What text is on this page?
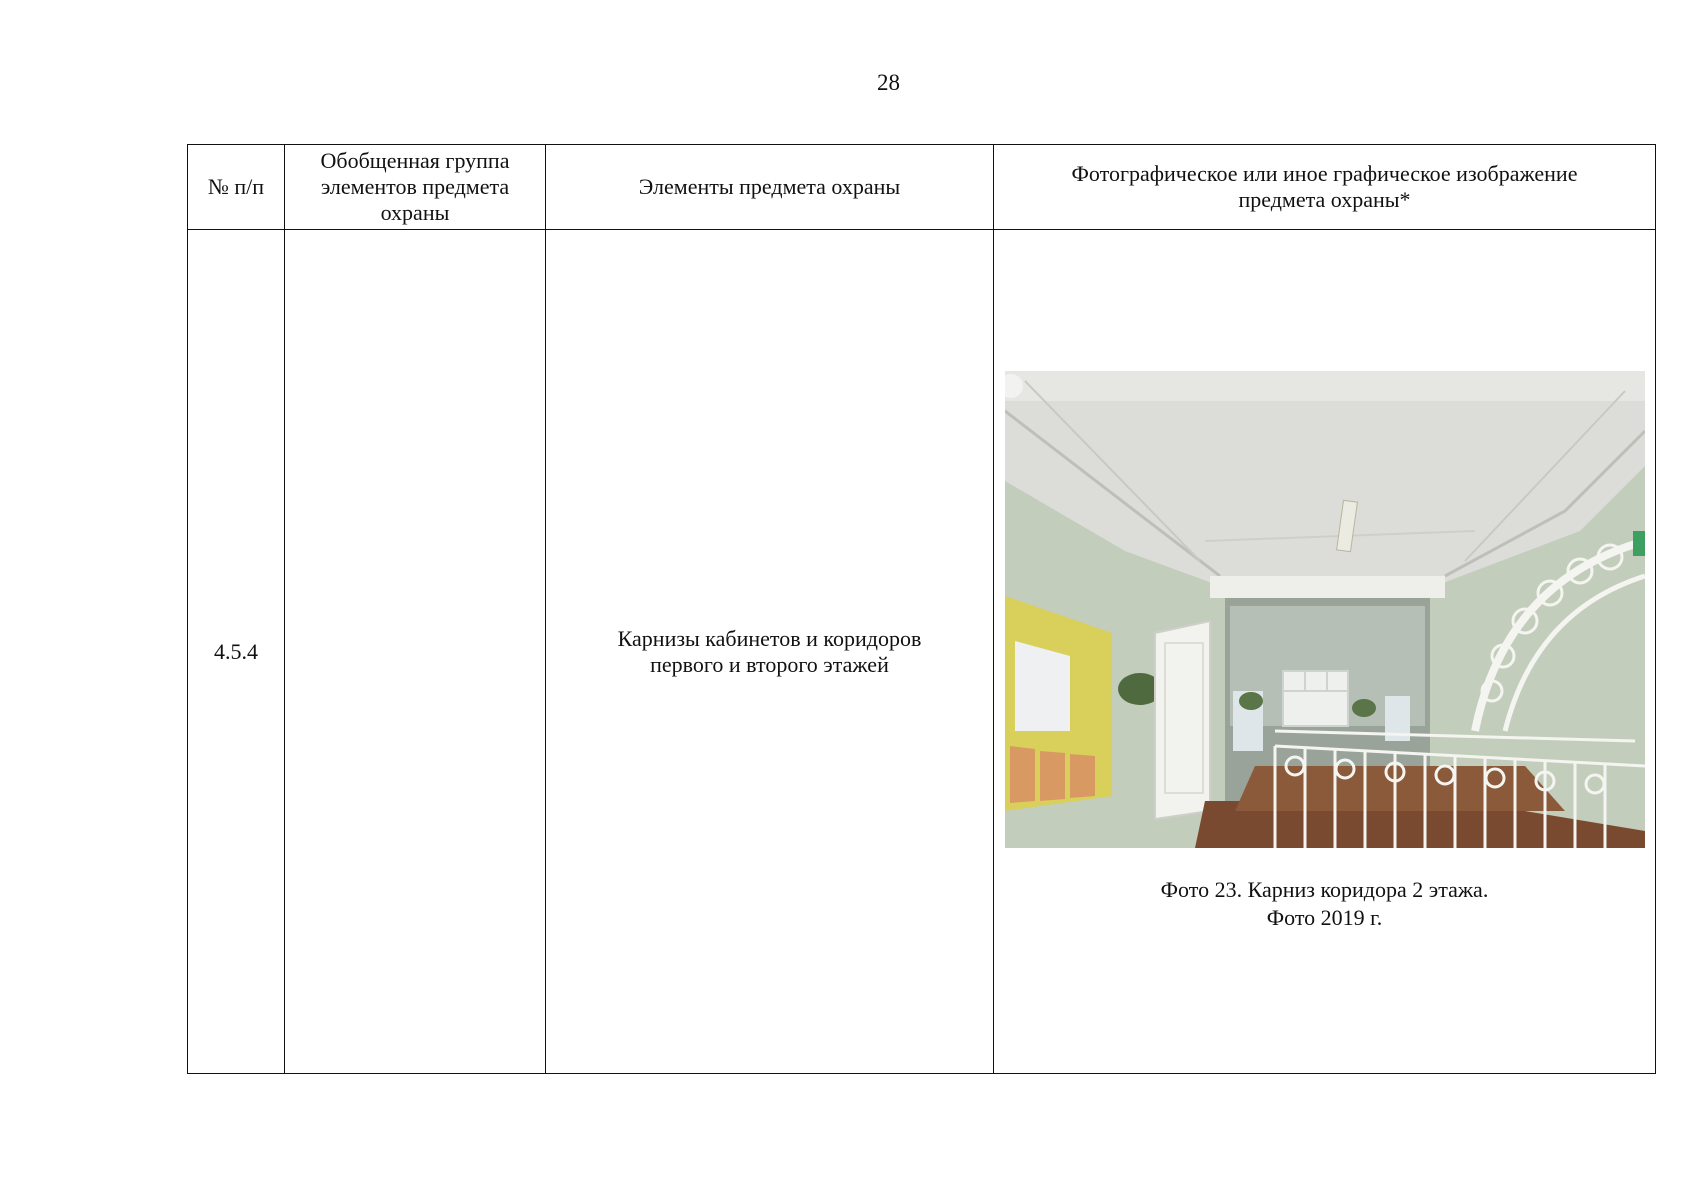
28
№ п/п	Обобщенная группа элементов предмета охраны	Элементы предмета охраны	Фотографическое или иное графическое изображение предмета охраны*
4.5.4		Карнизы кабинетов и коридоров первого и второго этажей	Фото 23. Карниз коридора 2 этажа.
Фото 2019 г.
